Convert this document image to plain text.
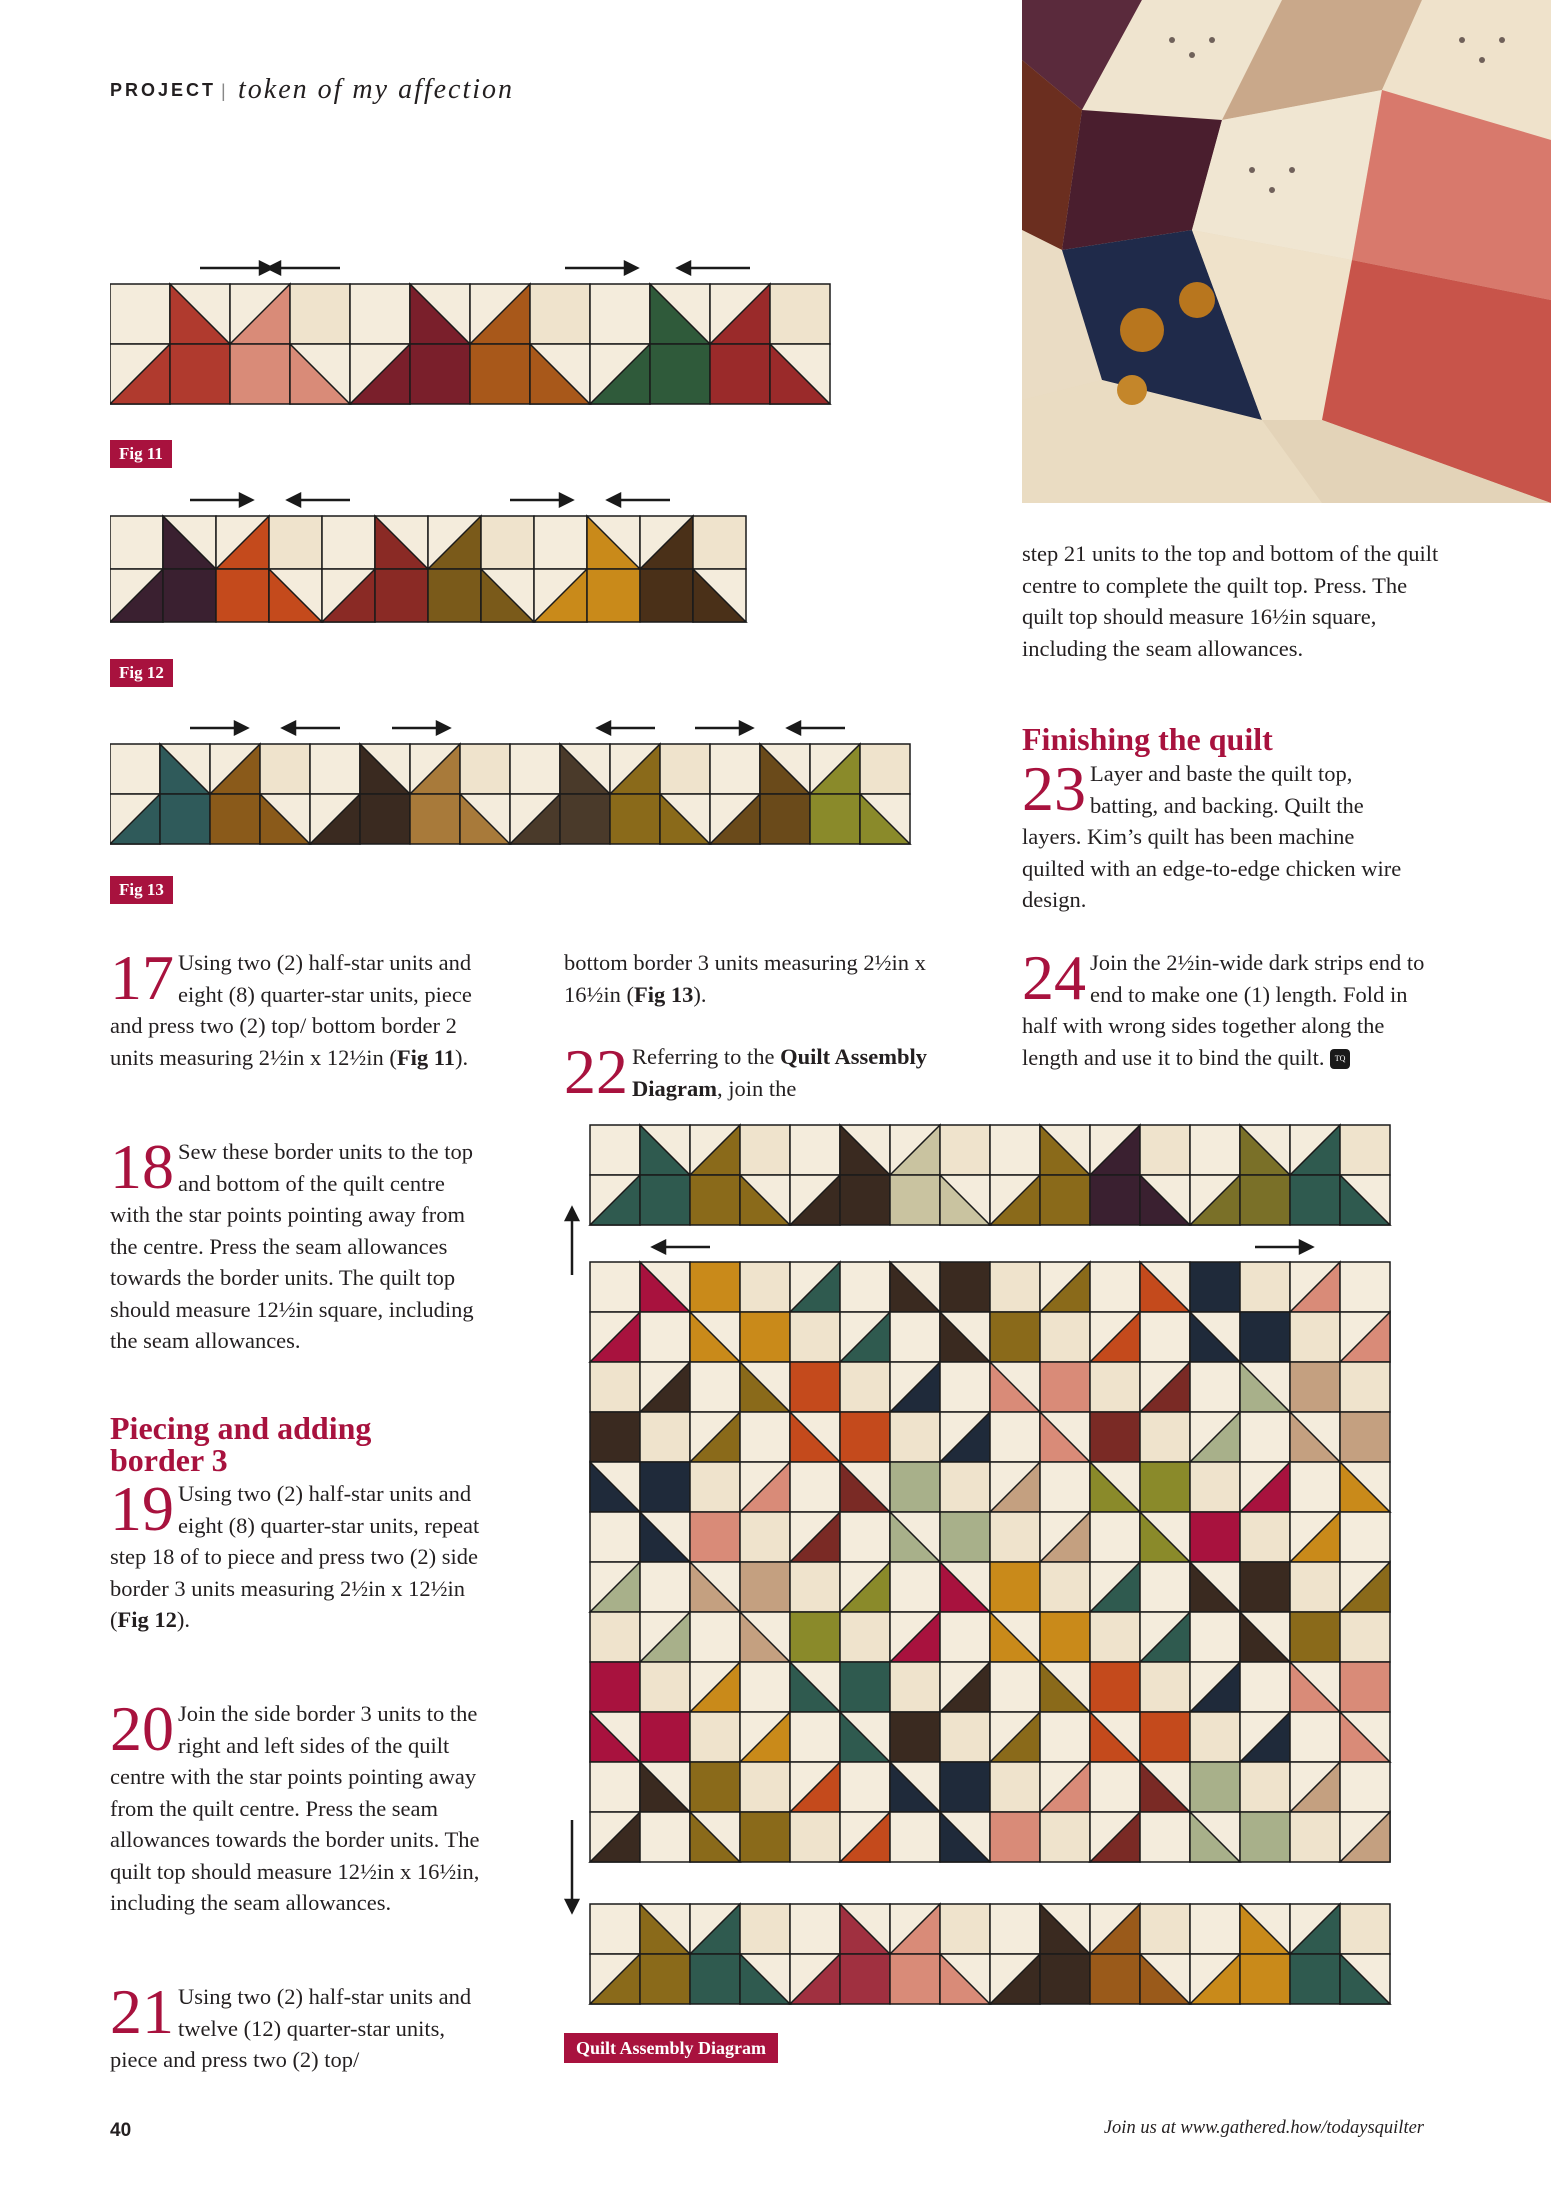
PROJECT | token of my affection
Fig 11
Fig 12
Fig 13
step 21 units to the top and bottom of the quilt centre to complete the quilt top. Press. The quilt top should measure 16½in square, including the seam allowances.
Finishing the quilt
23 Layer and baste the quilt top, batting, and backing. Quilt the layers. Kim’s quilt has been machine quilted with an edge-to-edge chicken wire design.
24 Join the 2½in-wide dark strips end to end to make one (1) length. Fold in half with wrong sides together along the length and use it to bind the quilt. TQ
17 Using two (2) half-star units and eight (8) quarter-star units, piece and press two (2) top/ bottom border 2 units measuring 2½in x 12½in (Fig 11).
18 Sew these border units to the top and bottom of the quilt centre with the star points pointing away from the centre. Press the seam allowances towards the border units. The quilt top should measure 12½in square, including the seam allowances.
Piecing and adding border 3
19 Using two (2) half-star units and eight (8) quarter-star units, repeat step 18 of to piece and press two (2) side border 3 units measuring 2½in x 12½in (Fig 12).
20 Join the side border 3 units to the right and left sides of the quilt centre with the star points pointing away from the quilt centre. Press the seam allowances towards the border units. The quilt top should measure 12½in x 16½in, including the seam allowances.
21 Using two (2) half-star units and twelve (12) quarter-star units, piece and press two (2) top/
bottom border 3 units measuring 2½in x 16½in (Fig 13).
22 Referring to the Quilt Assembly Diagram, join the
Quilt Assembly Diagram
40	Join us at www.gathered.how/todaysquilter
